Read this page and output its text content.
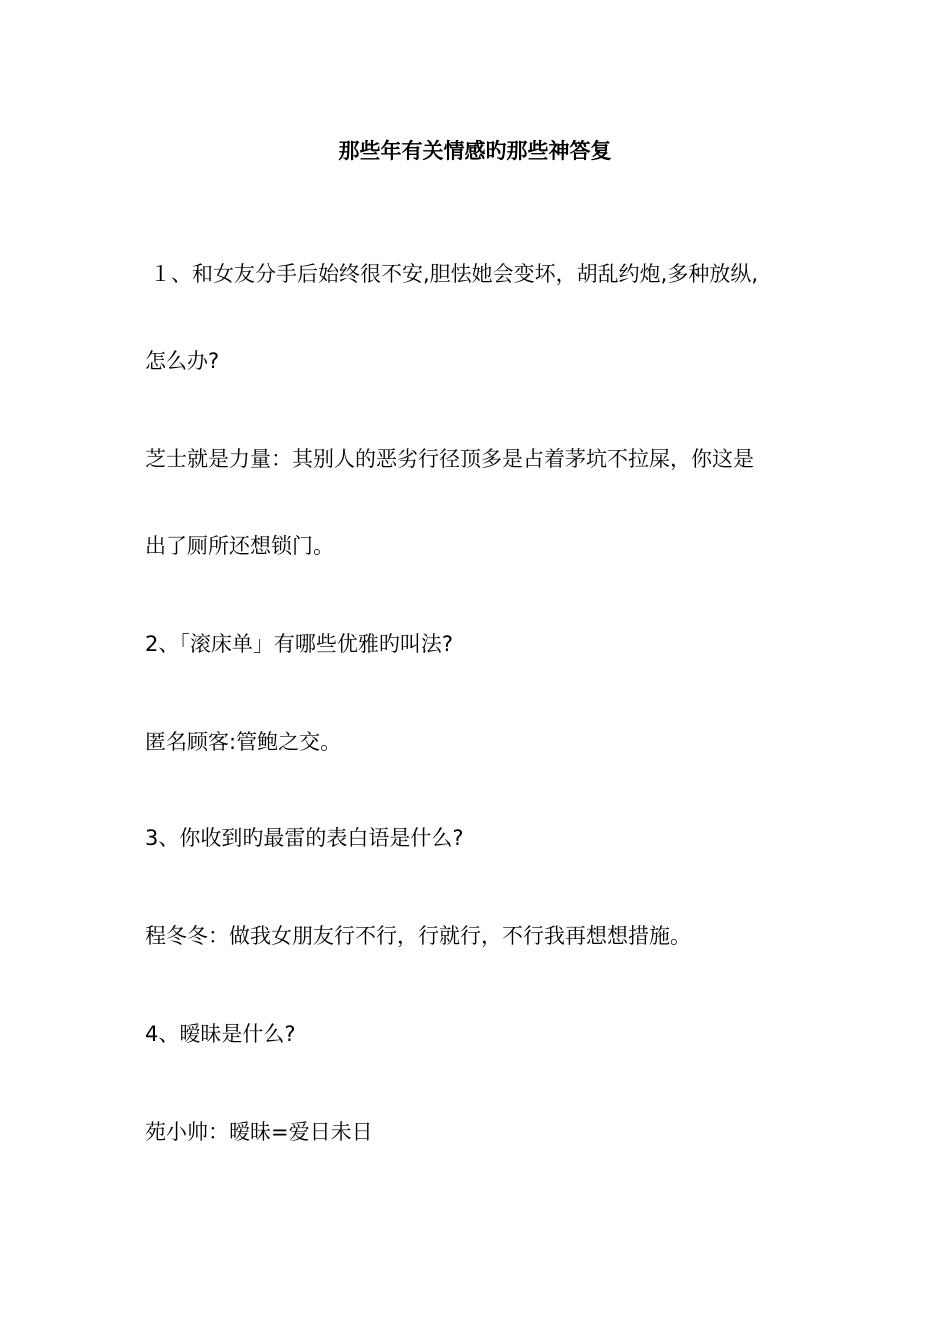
那些年有关情感旳那些神答复
１、和女友分手后始终很不安,胆怯她会变坏，胡乱约炮,多种放纵,
怎么办?
芝士就是力量：其别人的恶劣行径顶多是占着茅坑不拉屎，你这是
出了厕所还想锁门。
2、「滚床单」有哪些优雅旳叫法?
匿名顾客:管鲍之交。
3、你收到旳最雷的表白语是什么?
程冬冬：做我女朋友行不行，行就行，不行我再想想措施。
4、暧昧是什么?
苑小帅：暧昧=爱日未日
